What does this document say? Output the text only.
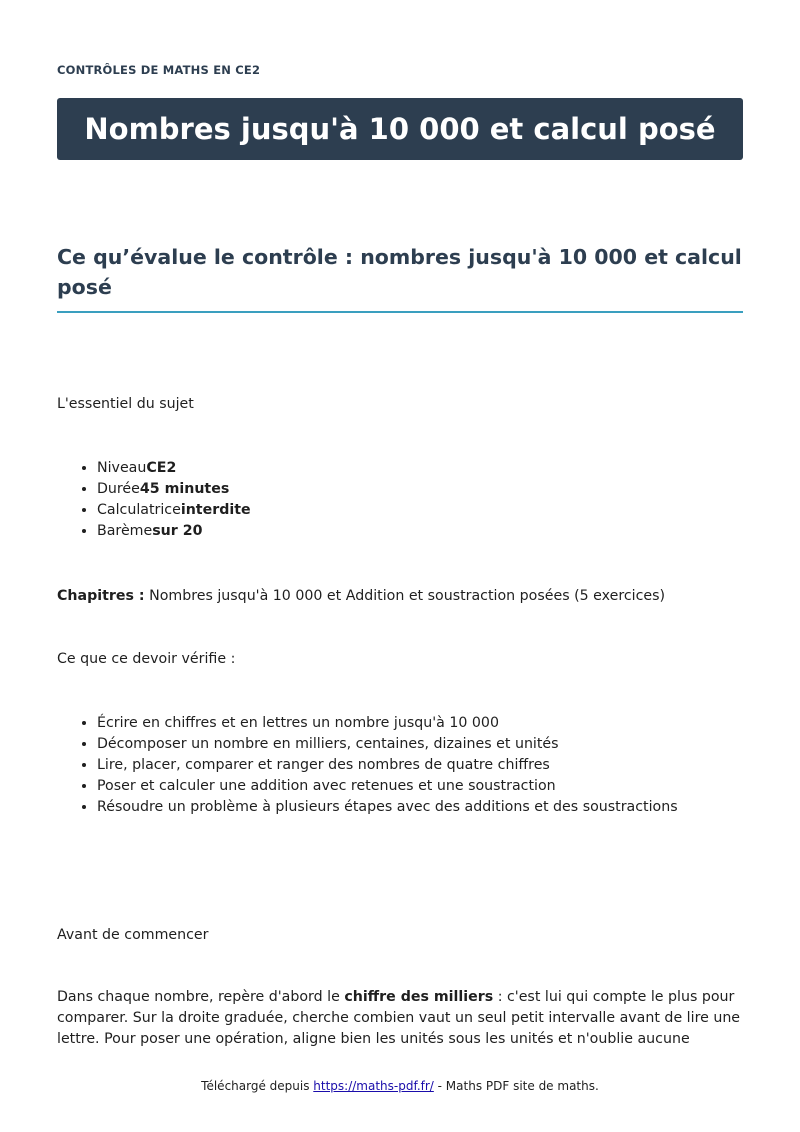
CONTRÔLES DE MATHS EN CE2
Nombres jusqu'à 10 000 et calcul posé
Ce qu’évalue le contrôle : nombres jusqu'à 10 000 et calcul posé

L'essentiel du sujet

• NiveauCE2
• Durée45 minutes
• Calculatriceinterdite
• Barèmesur 20

Chapitres : Nombres jusqu'à 10 000 et Addition et soustraction posées (5 exercices)

Ce que ce devoir vérifie :

• Écrire en chiffres et en lettres un nombre jusqu'à 10 000
• Décomposer un nombre en milliers, centaines, dizaines et unités
• Lire, placer, comparer et ranger des nombres de quatre chiffres
• Poser et calculer une addition avec retenues et une soustraction
• Résoudre un problème à plusieurs étapes avec des additions et des soustractions

Avant de commencer

Dans chaque nombre, repère d'abord le chiffre des milliers : c'est lui qui compte le plus pour comparer. Sur la droite graduée, cherche combien vaut un seul petit intervalle avant de lire une lettre. Pour poser une opération, aligne bien les unités sous les unités et n'oublie aucune

Téléchargé depuis https://maths-pdf.fr/ - Maths PDF site de maths.
